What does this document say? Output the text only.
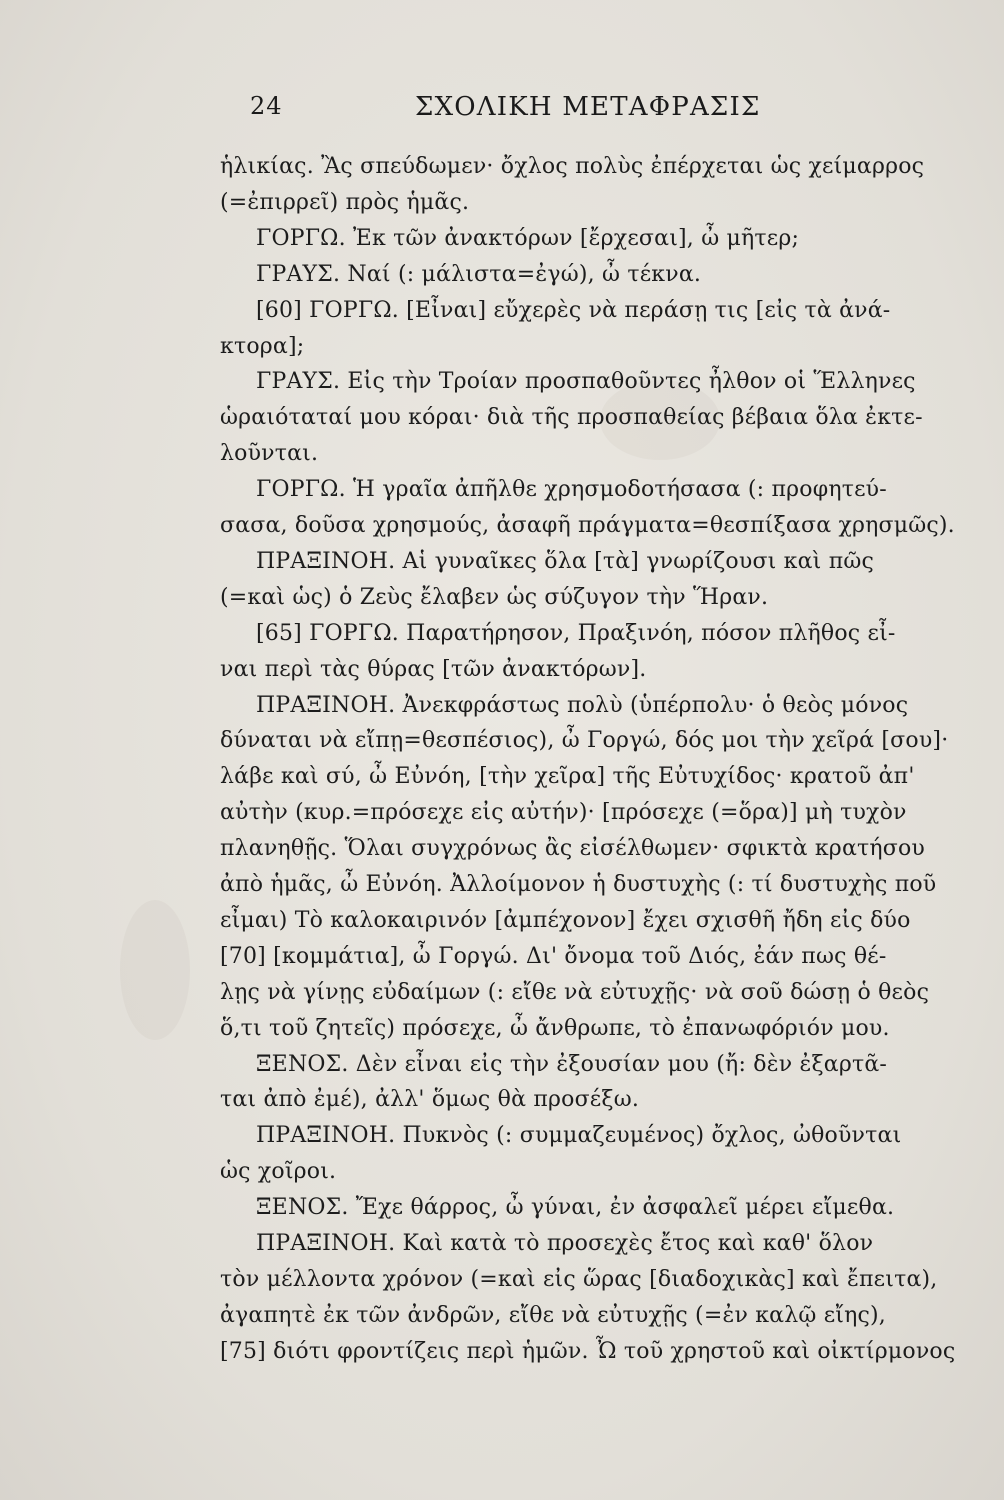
24	ΣΧΟΛΙΚΗ ΜΕΤΑΦΡΑΣΙΣ
ἡλικίας. Ἂς σπεύδωμεν· ὄχλος πολὺς ἐπέρχεται ὡς χείμαρρος
(=ἐπιρρεῖ) πρὸς ἡμᾶς.
ΓΟΡΓΩ. Ἐκ τῶν ἀνακτόρων [ἔρχεσαι], ὦ μῆτερ;
ΓΡΑΥΣ. Ναί (: μάλιστα=ἐγώ), ὦ τέκνα.
[60] ΓΟΡΓΩ. [Εἶναι] εὔχερὲς νὰ περάσῃ τις [εἰς τὰ ἀνά-
κτορα];
ΓΡΑΥΣ. Εἰς τὴν Τροίαν προσπαθοῦντες ἦλθον οἱ Ἕλληνες
ὡραιόταταί μου κόραι· διὰ τῆς προσπαθείας βέβαια ὅλα ἐκτε-
λοῦνται.
ΓΟΡΓΩ. Ἡ γραῖα ἀπῆλθε χρησμοδοτήσασα (: προφητεύ-
σασα, δοῦσα χρησμούς, ἀσαφῆ πράγματα=θεσπίξασα χρησμῶς).
ΠΡΑΞΙΝΟΗ. Αἱ γυναῖκες ὅλα [τὰ] γνωρίζουσι καὶ πῶς
(=καὶ ὡς) ὁ Ζεὺς ἔλαβεν ὡς σύζυγον τὴν Ἥραν.
[65] ΓΟΡΓΩ. Παρατήρησον, Πραξινόη, πόσον πλῆθος εἶ-
ναι περὶ τὰς θύρας [τῶν ἀνακτόρων].
ΠΡΑΞΙΝΟΗ. Ἀνεκφράστως πολὺ (ὑπέρπολυ· ὁ θεὸς μόνος
δύναται νὰ εἴπῃ=θεσπέσιος), ὦ Γοργώ, δός μοι τὴν χεῖρά [σου]·
λάβε καὶ σύ, ὦ Εὐνόη, [τὴν χεῖρα] τῆς Εὐτυχίδος· κρατοῦ ἀπ'
αὐτὴν (κυρ.=πρόσεχε εἰς αὐτήν)· [πρόσεχε (=ὅρα)] μὴ τυχὸν
πλανηθῇς. Ὅλαι συγχρόνως ἂς εἰσέλθωμεν· σφικτὰ κρατήσου
ἀπὸ ἡμᾶς, ὦ Εὐνόη. Ἀλλοίμονον ἡ δυστυχὴς (: τί δυστυχὴς ποῦ
εἶμαι) Τὸ καλοκαιρινόν [ἀμπέχονον] ἔχει σχισθῆ ἤδη εἰς δύο
[70] [κομμάτια], ὦ Γοργώ. Δι' ὄνομα τοῦ Διός, ἐάν πως θέ-
λῃς νὰ γίνῃς εὐδαίμων (: εἴθε νὰ εὐτυχῇς· νὰ σοῦ δώσῃ ὁ θεὸς
ὅ,τι τοῦ ζητεῖς) πρόσεχε, ὦ ἄνθρωπε, τὸ ἐπανωφόριόν μου.
ΞΕΝΟΣ. Δὲν εἶναι εἰς τὴν ἐξουσίαν μου (ἤ: δὲν ἐξαρτᾶ-
ται ἀπὸ ἐμέ), ἀλλ' ὅμως θὰ προσέξω.
ΠΡΑΞΙΝΟΗ. Πυκνὸς (: συμμαζευμένος) ὄχλος, ὠθοῦνται
ὡς χοῖροι.
ΞΕΝΟΣ. Ἔχε θάρρος, ὦ γύναι, ἐν ἀσφαλεῖ μέρει εἴμεθα.
ΠΡΑΞΙΝΟΗ. Καὶ κατὰ τὸ προσεχὲς ἔτος καὶ καθ' ὅλον
τὸν μέλλοντα χρόνον (=καὶ εἰς ὥρας [διαδοχικὰς] καὶ ἔπειτα),
ἀγαπητὲ ἐκ τῶν ἀνδρῶν, εἴθε νὰ εὐτυχῇς (=ἐν καλῷ εἴης),
[75] διότι φροντίζεις περὶ ἡμῶν. Ὦ τοῦ χρηστοῦ καὶ οἰκτίρμονος
